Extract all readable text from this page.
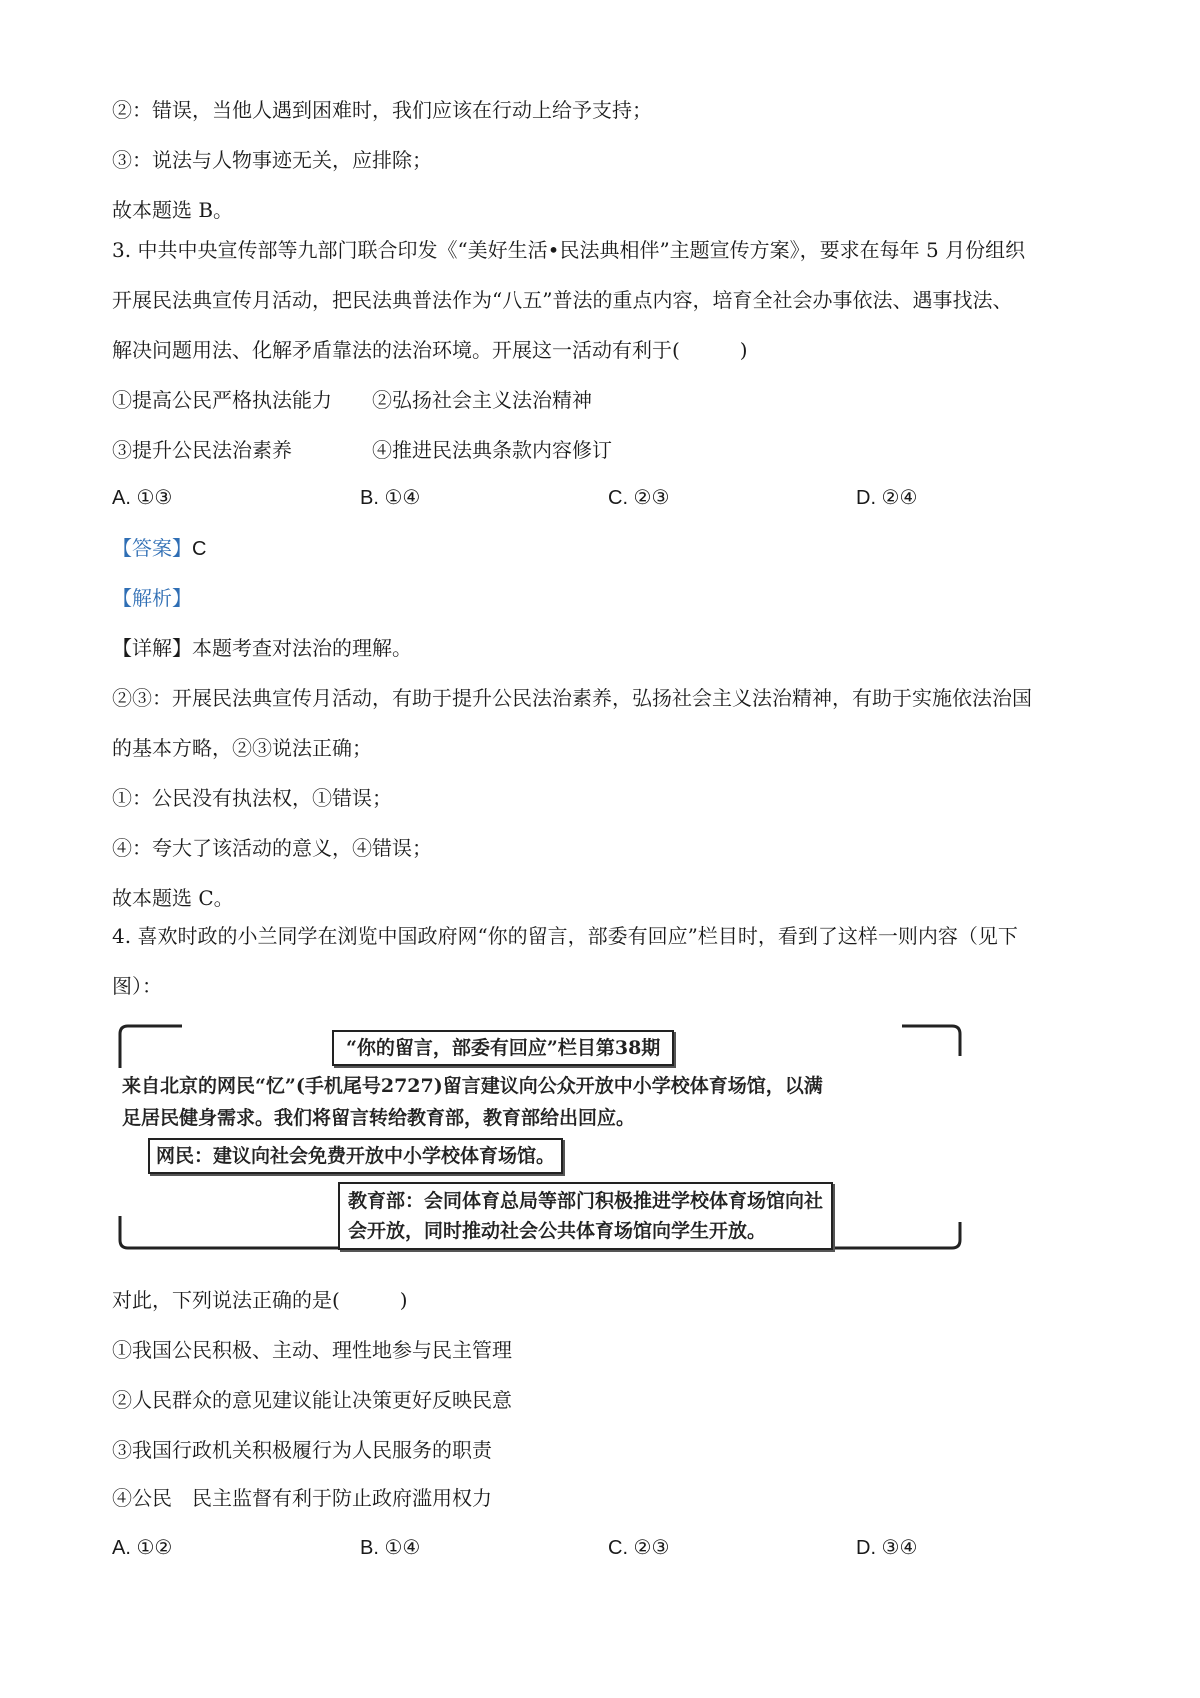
②：错误，当他人遇到困难时，我们应该在行动上给予支持；
③：说法与人物事迹无关，应排除；
故本题选 B。
3. 中共中央宣传部等九部门联合印发《“美好生活•民法典相伴”主题宣传方案》，要求在每年 5 月份组织
开展民法典宣传月活动，把民法典普法作为“八五”普法的重点内容，培育全社会办事依法、遇事找法、
解决问题用法、化解矛盾靠法的法治环境。开展这一活动有利于(　　　)
①提高公民严格执法能力	②弘扬社会主义法治精神
③提升公民法治素养	④推进民法典条款内容修订
A. ①③	B. ①④	C. ②③	D. ②④
【答案】C
【解析】
【详解】本题考查对法治的理解。
②③：开展民法典宣传月活动，有助于提升公民法治素养，弘扬社会主义法治精神，有助于实施依法治国
的基本方略，②③说法正确；
①：公民没有执法权，①错误；
④：夸大了该活动的意义，④错误；
故本题选 C。
4. 喜欢时政的小兰同学在浏览中国政府网“你的留言，部委有回应”栏目时，看到了这样一则内容（见下
图）：
“你的留言，部委有回应”栏目第38期
来自北京的网民“忆”(手机尾号2727)留言建议向公众开放中小学校体育场馆，以满
足居民健身需求。我们将留言转给教育部，教育部给出回应。
网民：建议向社会免费开放中小学校体育场馆。
教育部：会同体育总局等部门积极推进学校体育场馆向社
会开放，同时推动社会公共体育场馆向学生开放。
对此，下列说法正确的是(　　　)
①我国公民积极、主动、理性地参与民主管理
②人民群众的意见建议能让决策更好反映民意
③我国行政机关积极履行为人民服务的职责
④公民　民主监督有利于防止政府滥用权力
A. ①②	B. ①④	C. ②③	D. ③④
